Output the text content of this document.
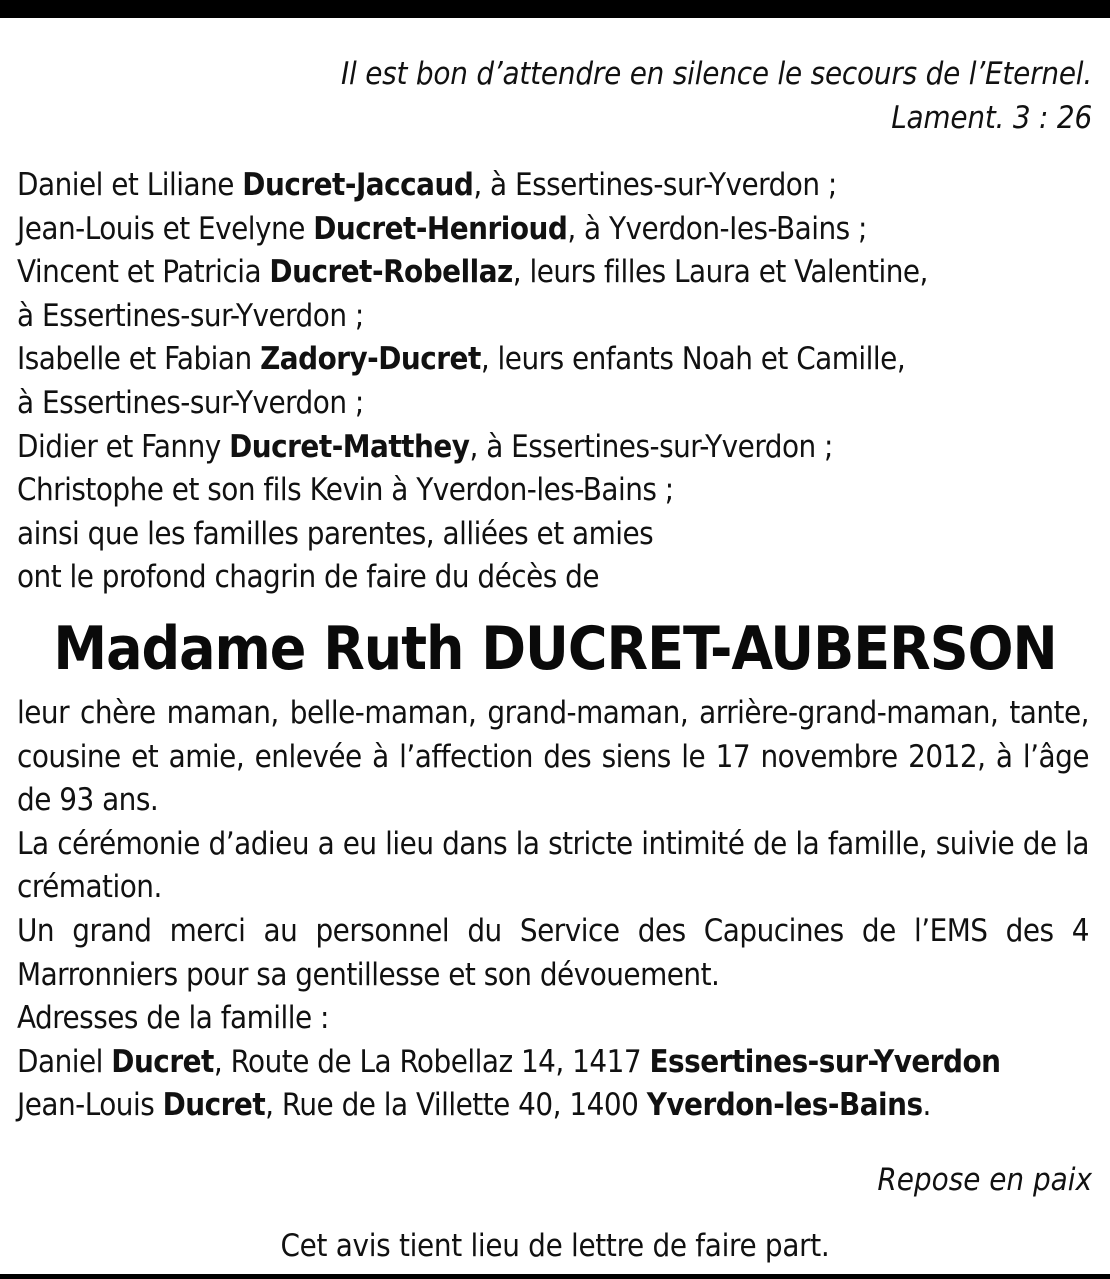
Il est bon d’attendre en silence le secours de l’Eternel.
Lament. 3 : 26
Daniel et Liliane Ducret-Jaccaud, à Essertines-sur-Yverdon ;
Jean-Louis et Evelyne Ducret-Henrioud, à Yverdon-Ies-Bains ;
Vincent et Patricia Ducret-Robellaz, leurs filles Laura et Valentine,
à Essertines-sur-Yverdon ;
Isabelle et Fabian Zadory-Ducret, leurs enfants Noah et Camille,
à Essertines-sur-Yverdon ;
Didier et Fanny Ducret-Matthey, à Essertines-sur-Yverdon ;
Christophe et son fils Kevin à Yverdon-les-Bains ;
ainsi que les familles parentes, alliées et amies
ont le profond chagrin de faire du décès de
Madame Ruth DUCRET-AUBERSON
leur chère maman, belle-maman, grand-maman, arrière-grand-maman, tante, cousine et amie, enlevée à l’affection des siens le 17 novembre 2012, à l’âge de 93 ans.
La cérémonie d’adieu a eu lieu dans la stricte intimité de la famille, suivie de la crémation.
Un grand merci au personnel du Service des Capucines de l’EMS des 4 Marronniers pour sa gentillesse et son dévouement.
Adresses de la famille :
Daniel Ducret, Route de La Robellaz 14, 1417 Essertines-sur-Yverdon
Jean-Louis Ducret, Rue de la Villette 40, 1400 Yverdon-les-Bains.
Repose en paix
Cet avis tient lieu de lettre de faire part.
